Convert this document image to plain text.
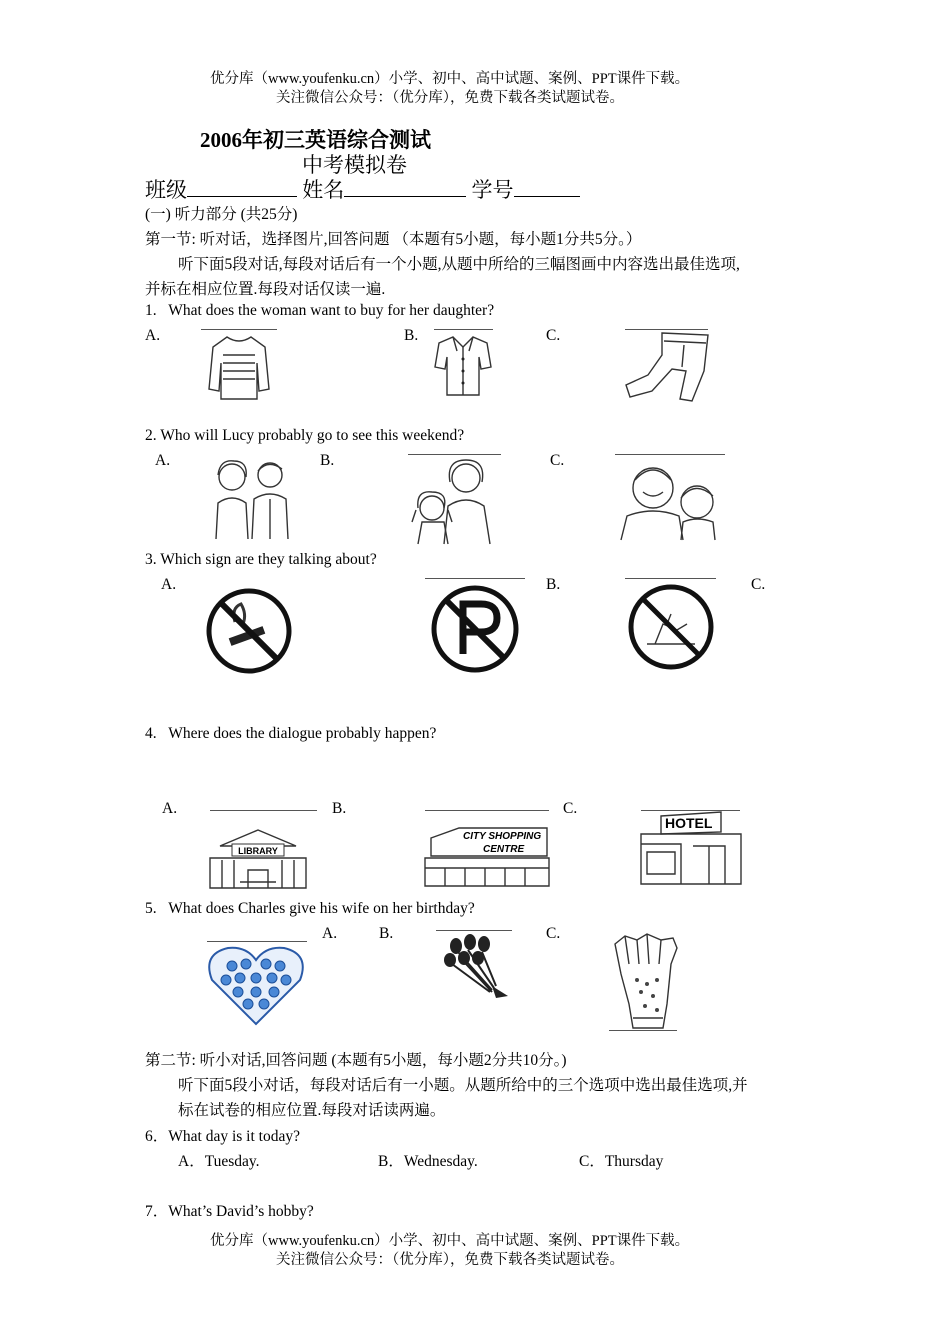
优分库（www.youfenku.cn）小学、初中、高中试题、案例、PPT课件下载。
关注微信公众号：（优分库），免费下载各类试题试卷。
2006年初三英语综合测试
中考模拟卷
班级	姓名	学号
(一) 听力部分 (共25分)
第一节: 听对话，选择图片,回答问题 （本题有5小题，每小题1分共5分。）
听下面5段对话,每段对话后有一个小题,从题中所给的三幅图画中内容选出最佳选项,
并标在相应位置.每段对话仅读一遍.
1. What does the woman want to buy for her daughter?
A.	B.	C.
2. Who will Lucy probably go to see this weekend?
A.	B.	C.
3. Which sign are they talking about?
A.	B.	C.
4. Where does the dialogue probably happen?
A.	B.	C.
LIBRARY
CITY SHOPPING
CENTRE
HOTEL
5. What does Charles give his wife on her birthday?
A.	B.	C.
第二节: 听小对话,回答问题 (本题有5小题，每小题2分共10分。)
听下面5段小对话，每段对话后有一小题。从题所给中的三个选项中选出最佳选项,并
标在试卷的相应位置.每段对话读两遍。
6．What day is it today?
A．Tuesday.	B．Wednesday.	C．Thursday
7．What’s David’s hobby?
优分库（www.youfenku.cn）小学、初中、高中试题、案例、PPT课件下载。
关注微信公众号：（优分库），免费下载各类试题试卷。
